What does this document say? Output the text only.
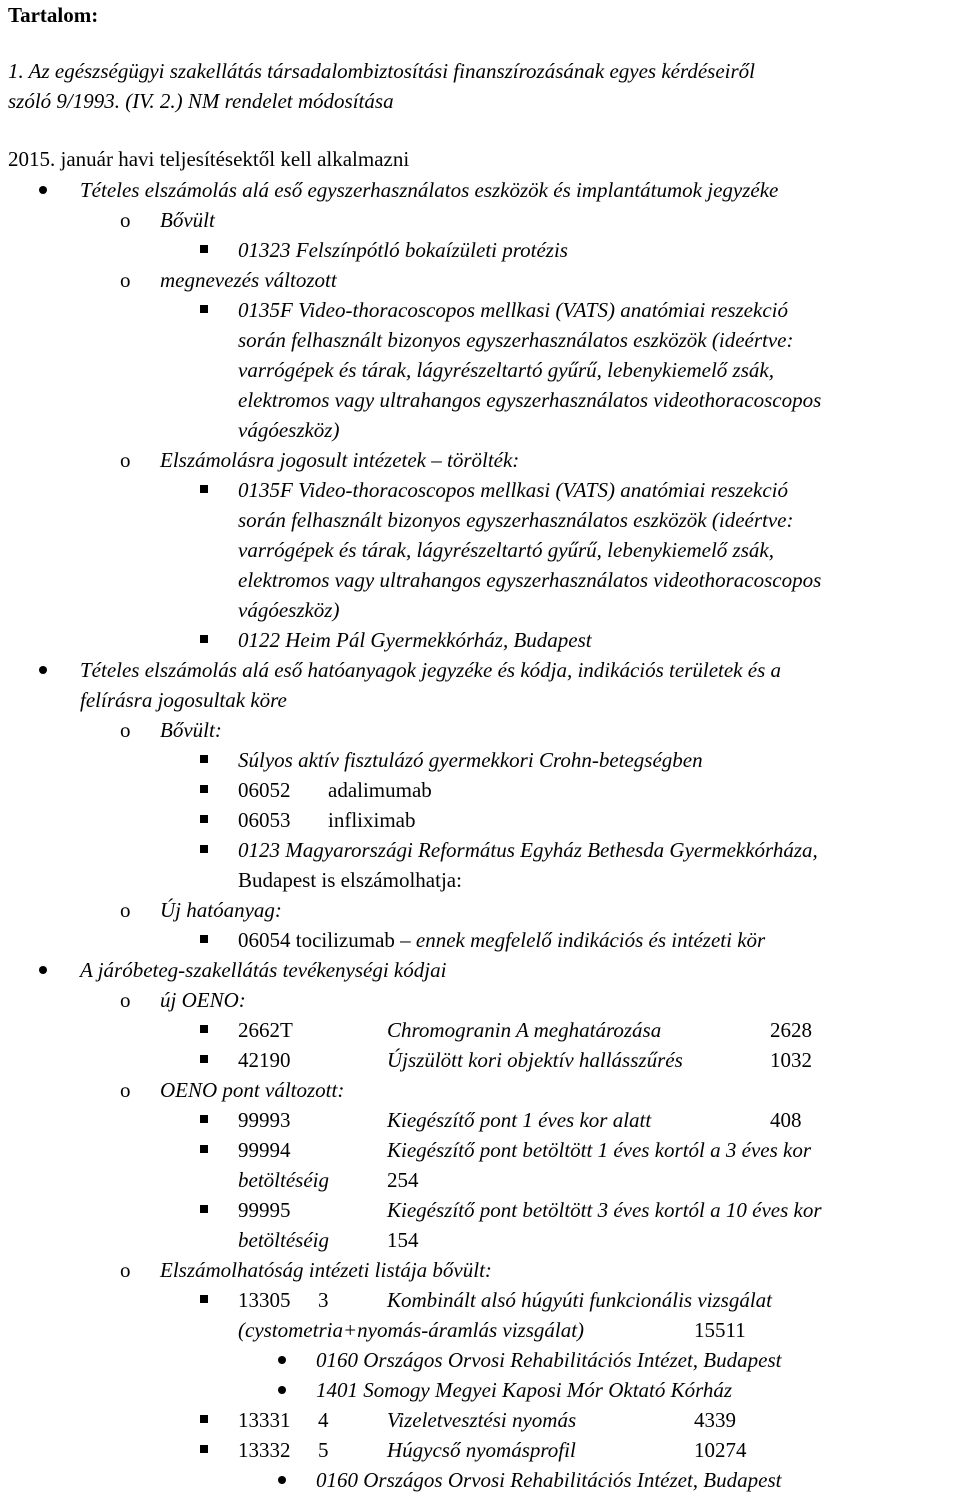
Tartalom:
1. Az egészségügyi szakellátás társadalombiztosítási finanszírozásának egyes kérdéseiről
szóló 9/1993. (IV. 2.) NM rendelet módosítása
2015. január havi teljesítésektől kell alkalmazni
Tételes elszámolás alá eső egyszerhasználatos eszközök és implantátumok jegyzéke
o Bővült
01323 Felszínpótló bokaízületi protézis
o megnevezés változott
0135F Video-thoracoscopos mellkasi (VATS) anatómiai reszekció
során felhasznált bizonyos egyszerhasználatos eszközök (ideértve:
varrógépek és tárak, lágyrészeltartó gyűrű, lebenykiemelő zsák,
elektromos vagy ultrahangos egyszerhasználatos videothoracoscopos
vágóeszköz)
o Elszámolásra jogosult intézetek – törölték:
0135F Video-thoracoscopos mellkasi (VATS) anatómiai reszekció
során felhasznált bizonyos egyszerhasználatos eszközök (ideértve:
varrógépek és tárak, lágyrészeltartó gyűrű, lebenykiemelő zsák,
elektromos vagy ultrahangos egyszerhasználatos videothoracoscopos
vágóeszköz)
0122 Heim Pál Gyermekkórház, Budapest
Tételes elszámolás alá eső hatóanyagok jegyzéke és kódja, indikációs területek és a
felírásra jogosultak köre
o Bővült:
Súlyos aktív fisztulázó gyermekkori Crohn-betegségben
06052 adalimumab
06053 infliximab
0123 Magyarországi Református Egyház Bethesda Gyermekkórháza,
Budapest is elszámolhatja:
o Új hatóanyag:
06054 tocilizumab – ennek megfelelő indikációs és intézeti kör
A járóbeteg-szakellátás tevékenységi kódjai
o új OENO:
2662T	Chromogranin A meghatározása	2628
42190	Újszülött kori objektív hallásszűrés	1032
o OENO pont változott:
99993	Kiegészítő pont 1 éves kor alatt	408
99994	Kiegészítő pont betöltött 1 éves kortól a 3 éves kor
betöltéséig	254
99995	Kiegészítő pont betöltött 3 éves kortól a 10 éves kor
betöltéséig	154
o Elszámolhatóság intézeti listája bővült:
13305 3	Kombinált alsó húgyúti funkcionális vizsgálat
(cystometria+nyomás-áramlás vizsgálat)	15511
0160 Országos Orvosi Rehabilitációs Intézet, Budapest
1401 Somogy Megyei Kaposi Mór Oktató Kórház
13331 4	Vizeletvesztési nyomás	4339
13332 5	Húgycső nyomásprofil	10274
0160 Országos Orvosi Rehabilitációs Intézet, Budapest
